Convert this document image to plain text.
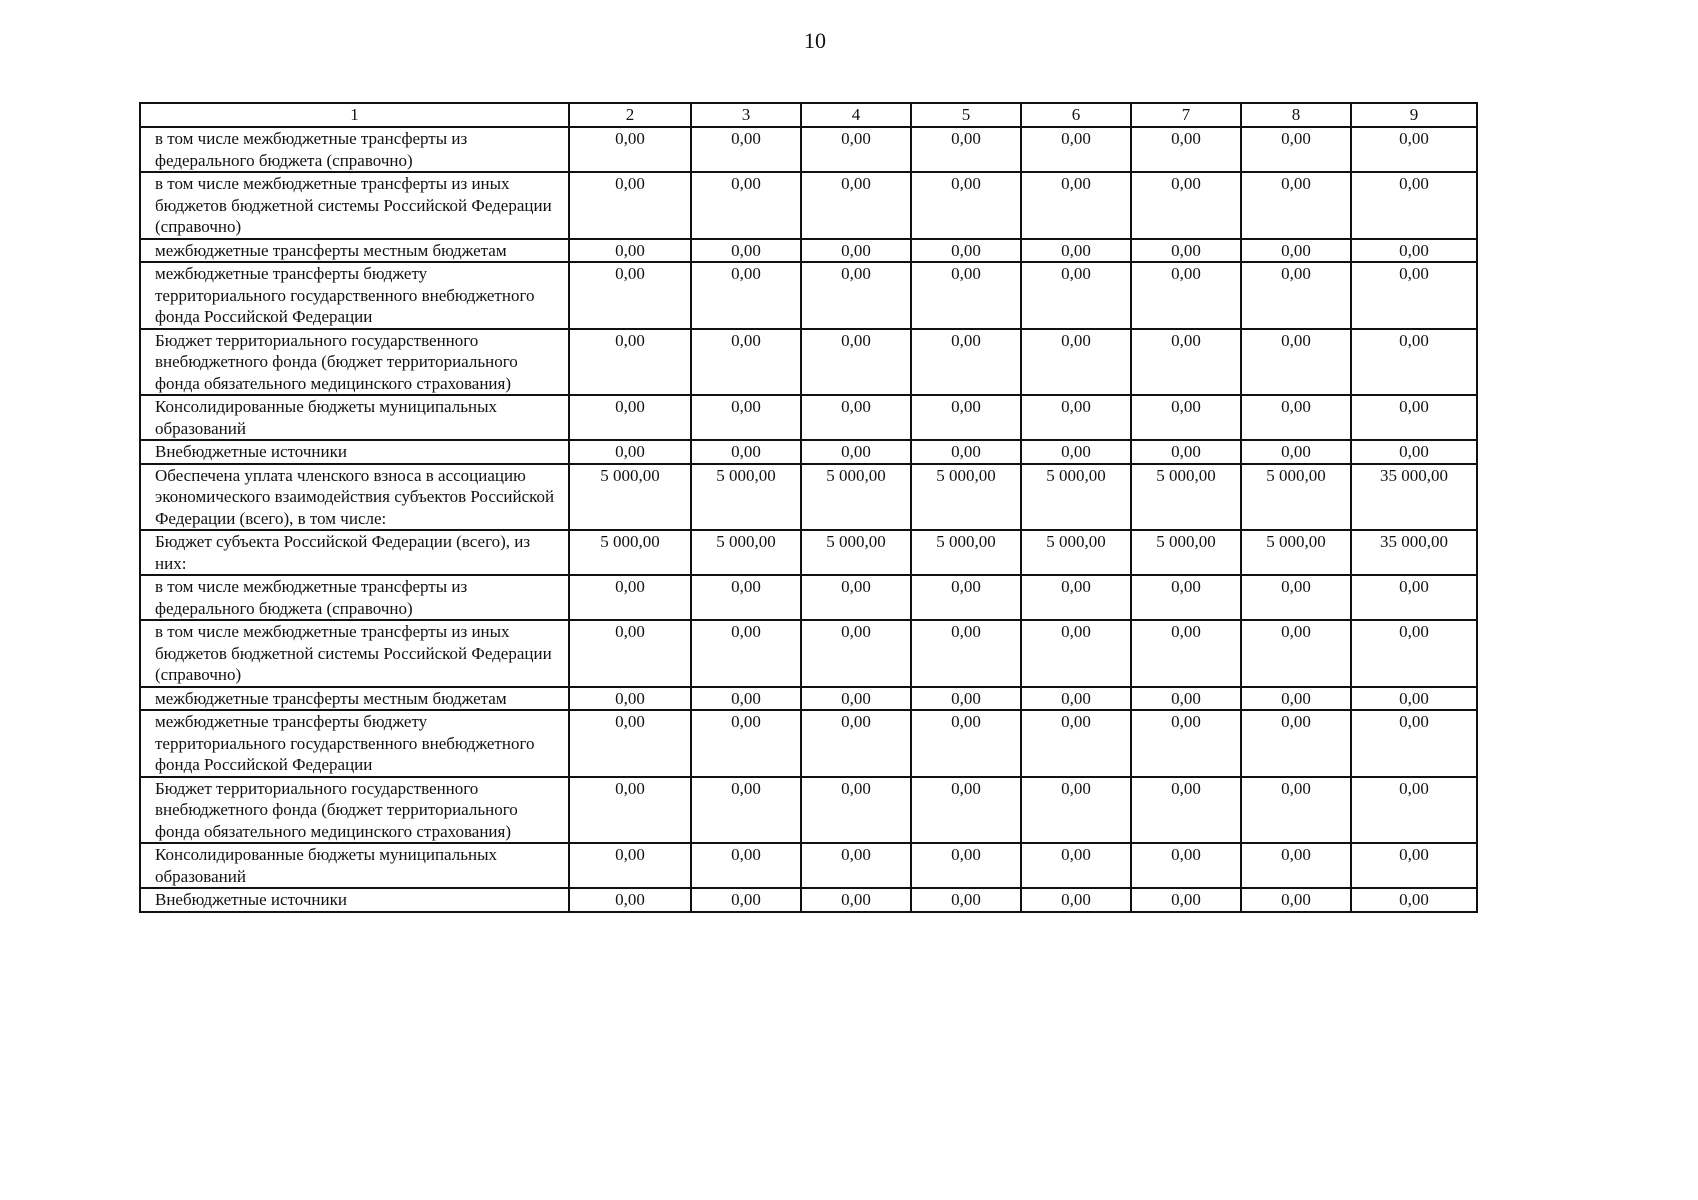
10
1	2	3	4	5	6	7	8	9
в том числе межбюджетные трансферты из федерального бюджета (справочно)	0,00	0,00	0,00	0,00	0,00	0,00	0,00	0,00
в том числе межбюджетные трансферты из иных бюджетов бюджетной системы Российской Федерации (справочно)	0,00	0,00	0,00	0,00	0,00	0,00	0,00	0,00
межбюджетные трансферты местным бюджетам	0,00	0,00	0,00	0,00	0,00	0,00	0,00	0,00
межбюджетные трансферты бюджету территориального государственного внебюджетного фонда Российской Федерации	0,00	0,00	0,00	0,00	0,00	0,00	0,00	0,00
Бюджет территориального государственного внебюджетного фонда (бюджет территориального фонда обязательного медицинского страхования)	0,00	0,00	0,00	0,00	0,00	0,00	0,00	0,00
Консолидированные бюджеты муниципальных образований	0,00	0,00	0,00	0,00	0,00	0,00	0,00	0,00
Внебюджетные источники	0,00	0,00	0,00	0,00	0,00	0,00	0,00	0,00
Обеспечена уплата членского взноса в ассоциацию экономического взаимодействия субъектов Российской Федерации (всего), в том числе:	5 000,00	5 000,00	5 000,00	5 000,00	5 000,00	5 000,00	5 000,00	35 000,00
Бюджет субъекта Российской Федерации (всего), из них:	5 000,00	5 000,00	5 000,00	5 000,00	5 000,00	5 000,00	5 000,00	35 000,00
в том числе межбюджетные трансферты из федерального бюджета (справочно)	0,00	0,00	0,00	0,00	0,00	0,00	0,00	0,00
в том числе межбюджетные трансферты из иных бюджетов бюджетной системы Российской Федерации (справочно)	0,00	0,00	0,00	0,00	0,00	0,00	0,00	0,00
межбюджетные трансферты местным бюджетам	0,00	0,00	0,00	0,00	0,00	0,00	0,00	0,00
межбюджетные трансферты бюджету территориального государственного внебюджетного фонда Российской Федерации	0,00	0,00	0,00	0,00	0,00	0,00	0,00	0,00
Бюджет территориального государственного внебюджетного фонда (бюджет территориального фонда обязательного медицинского страхования)	0,00	0,00	0,00	0,00	0,00	0,00	0,00	0,00
Консолидированные бюджеты муниципальных образований	0,00	0,00	0,00	0,00	0,00	0,00	0,00	0,00
Внебюджетные источники	0,00	0,00	0,00	0,00	0,00	0,00	0,00	0,00
